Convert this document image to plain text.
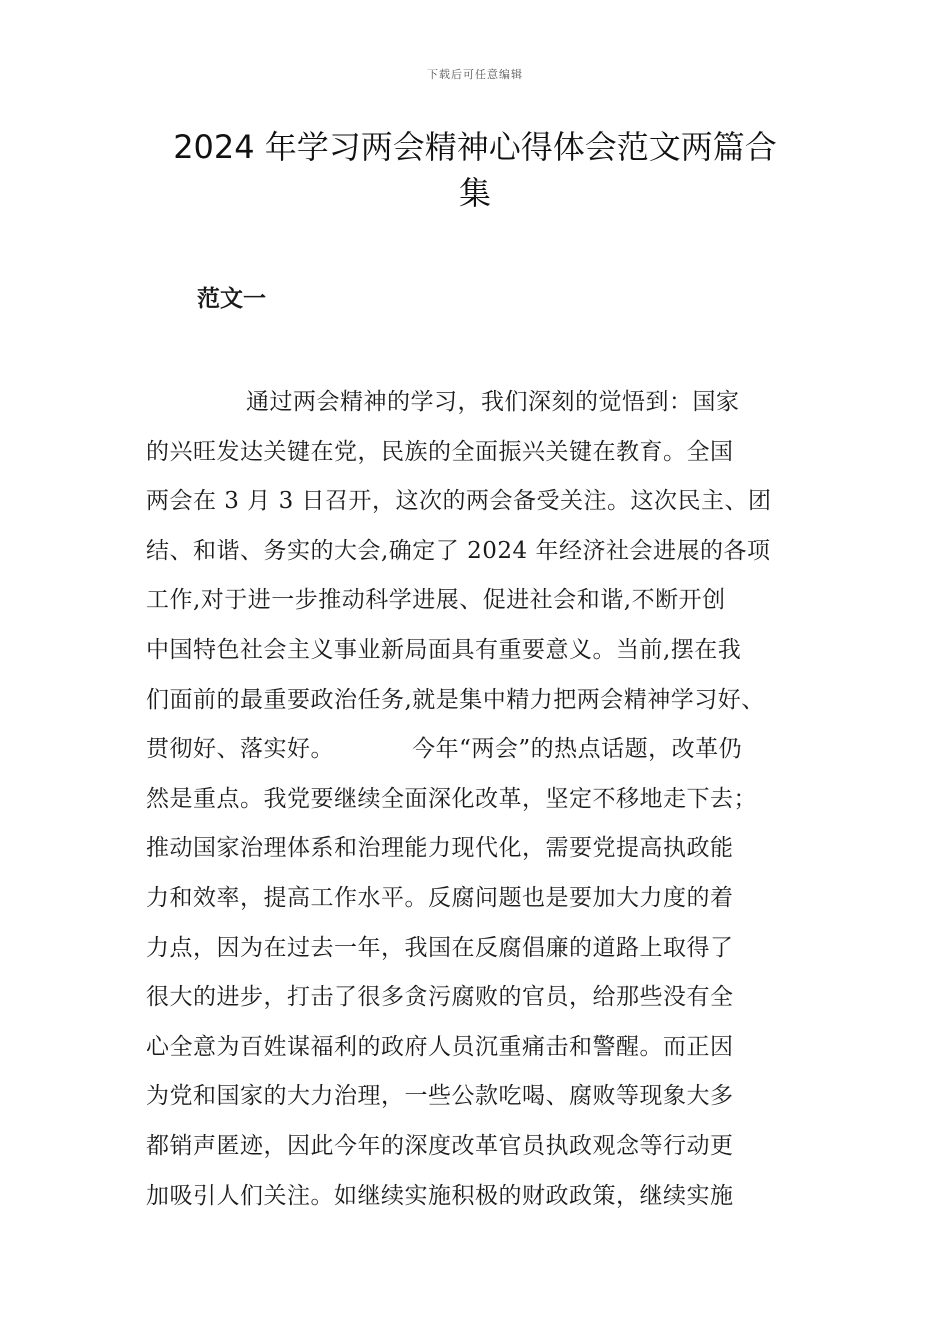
下载后可任意编辑
2024 年学习两会精神心得体会范文两篇合
集
范文一
通过两会精神的学习，我们深刻的觉悟到：国家
的兴旺发达关键在党，民族的全面振兴关键在教育。全国
两会在 3 月 3 日召开，这次的两会备受关注。这次民主、团
结、和谐、务实的大会,确定了 2024 年经济社会进展的各项
工作,对于进一步推动科学进展、促进社会和谐,不断开创
中国特色社会主义事业新局面具有重要意义。当前,摆在我
们面前的最重要政治任务,就是集中精力把两会精神学习好、
贯彻好、落实好。          今年“两会”的热点话题，改革仍
然是重点。我党要继续全面深化改革，坚定不移地走下去；
推动国家治理体系和治理能力现代化，需要党提高执政能
力和效率，提高工作水平。反腐问题也是要加大力度的着
力点，因为在过去一年，我国在反腐倡廉的道路上取得了
很大的进步，打击了很多贪污腐败的官员，给那些没有全
心全意为百姓谋福利的政府人员沉重痛击和警醒。而正因
为党和国家的大力治理，一些公款吃喝、腐败等现象大多
都销声匿迹，因此今年的深度改革官员执政观念等行动更
加吸引人们关注。如继续实施积极的财政政策，继续实施
